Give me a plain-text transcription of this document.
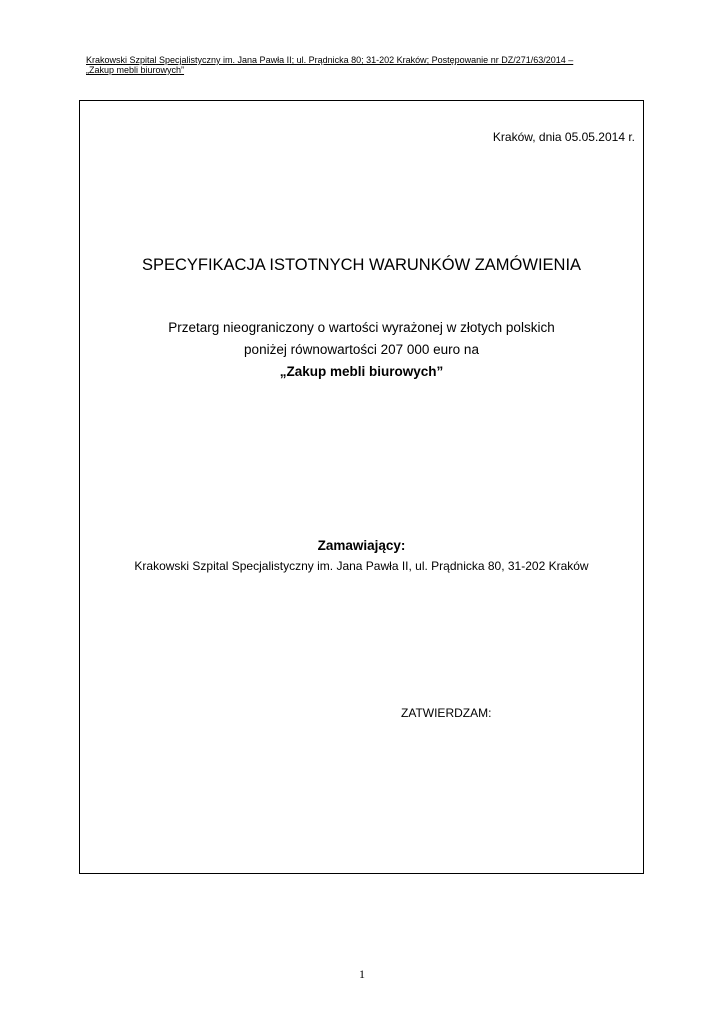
Krakowski Szpital Specjalistyczny im. Jana Pawła II; ul. Prądnicka 80; 31-202 Kraków; Postępowanie nr DZ/271/63/2014 –
„Zakup mebli biurowych”
Kraków, dnia 05.05.2014 r.
SPECYFIKACJA ISTOTNYCH WARUNKÓW ZAMÓWIENIA
Przetarg nieograniczony o wartości wyrażonej w złotych polskich
poniżej równowartości 207 000 euro na
„Zakup mebli biurowych”
Zamawiający:
Krakowski Szpital Specjalistyczny im. Jana Pawła II, ul. Prądnicka 80, 31-202 Kraków
ZATWIERDZAM:
1
